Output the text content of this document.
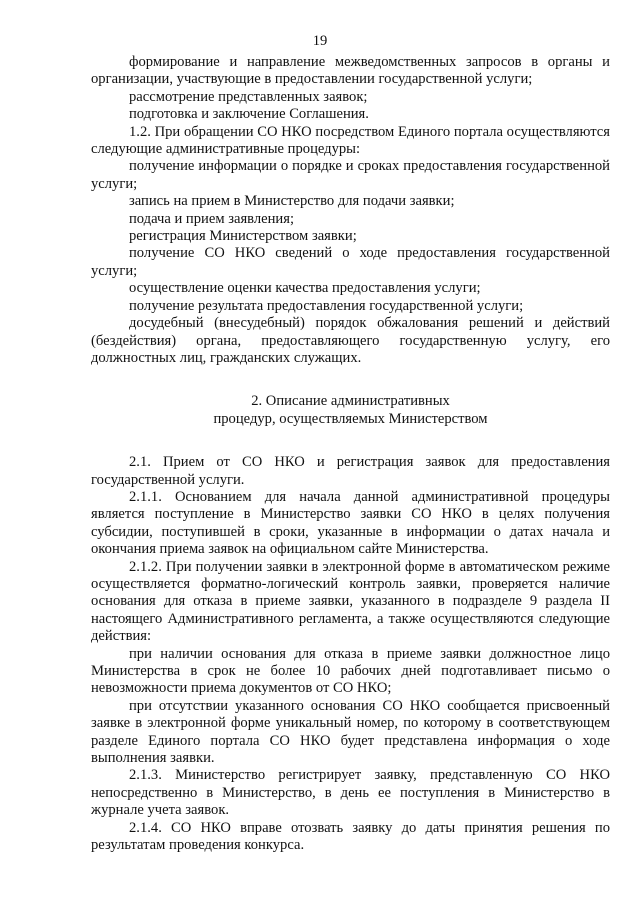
19

формирование и направление межведомственных запросов в органы и организации, участвующие в предоставлении государственной услуги;

рассмотрение представленных заявок;

подготовка и заключение Соглашения.

1.2. При обращении СО НКО посредством Единого портала осуществляются следующие административные процедуры:

получение информации о порядке и сроках предоставления государственной услуги;

запись на прием в Министерство для подачи заявки;

подача и прием заявления;

регистрация Министерством заявки;

получение СО НКО сведений о ходе предоставления государственной услуги;

осуществление оценки качества предоставления услуги;

получение результата предоставления государственной услуги;

досудебный (внесудебный) порядок обжалования решений и действий (бездействия) органа, предоставляющего государственную услугу, его должностных лиц, гражданских служащих.

2. Описание административных
процедур, осуществляемых Министерством

2.1. Прием от СО НКО и регистрация заявок для предоставления государственной услуги.

2.1.1. Основанием для начала данной административной процедуры является поступление в Министерство заявки СО НКО в целях получения субсидии, поступившей в сроки, указанные в информации о датах начала и окончания приема заявок на официальном сайте Министерства.

2.1.2. При получении заявки в электронной форме в автоматическом режиме осуществляется форматно-логический контроль заявки, проверяется наличие основания для отказа в приеме заявки, указанного в подразделе 9 раздела II настоящего Административного регламента, а также осуществляются следующие действия:

при наличии основания для отказа в приеме заявки должностное лицо Министерства в срок не более 10 рабочих дней подготавливает письмо о невозможности приема документов от СО НКО;

при отсутствии указанного основания СО НКО сообщается присвоенный заявке в электронной форме уникальный номер, по которому в соответствующем разделе Единого портала СО НКО будет представлена информация о ходе выполнения заявки.

2.1.3. Министерство регистрирует заявку, представленную СО НКО непосредственно в Министерство, в день ее поступления в Министерство в журнале учета заявок.

2.1.4. СО НКО вправе отозвать заявку до даты принятия решения по результатам проведения конкурса.
